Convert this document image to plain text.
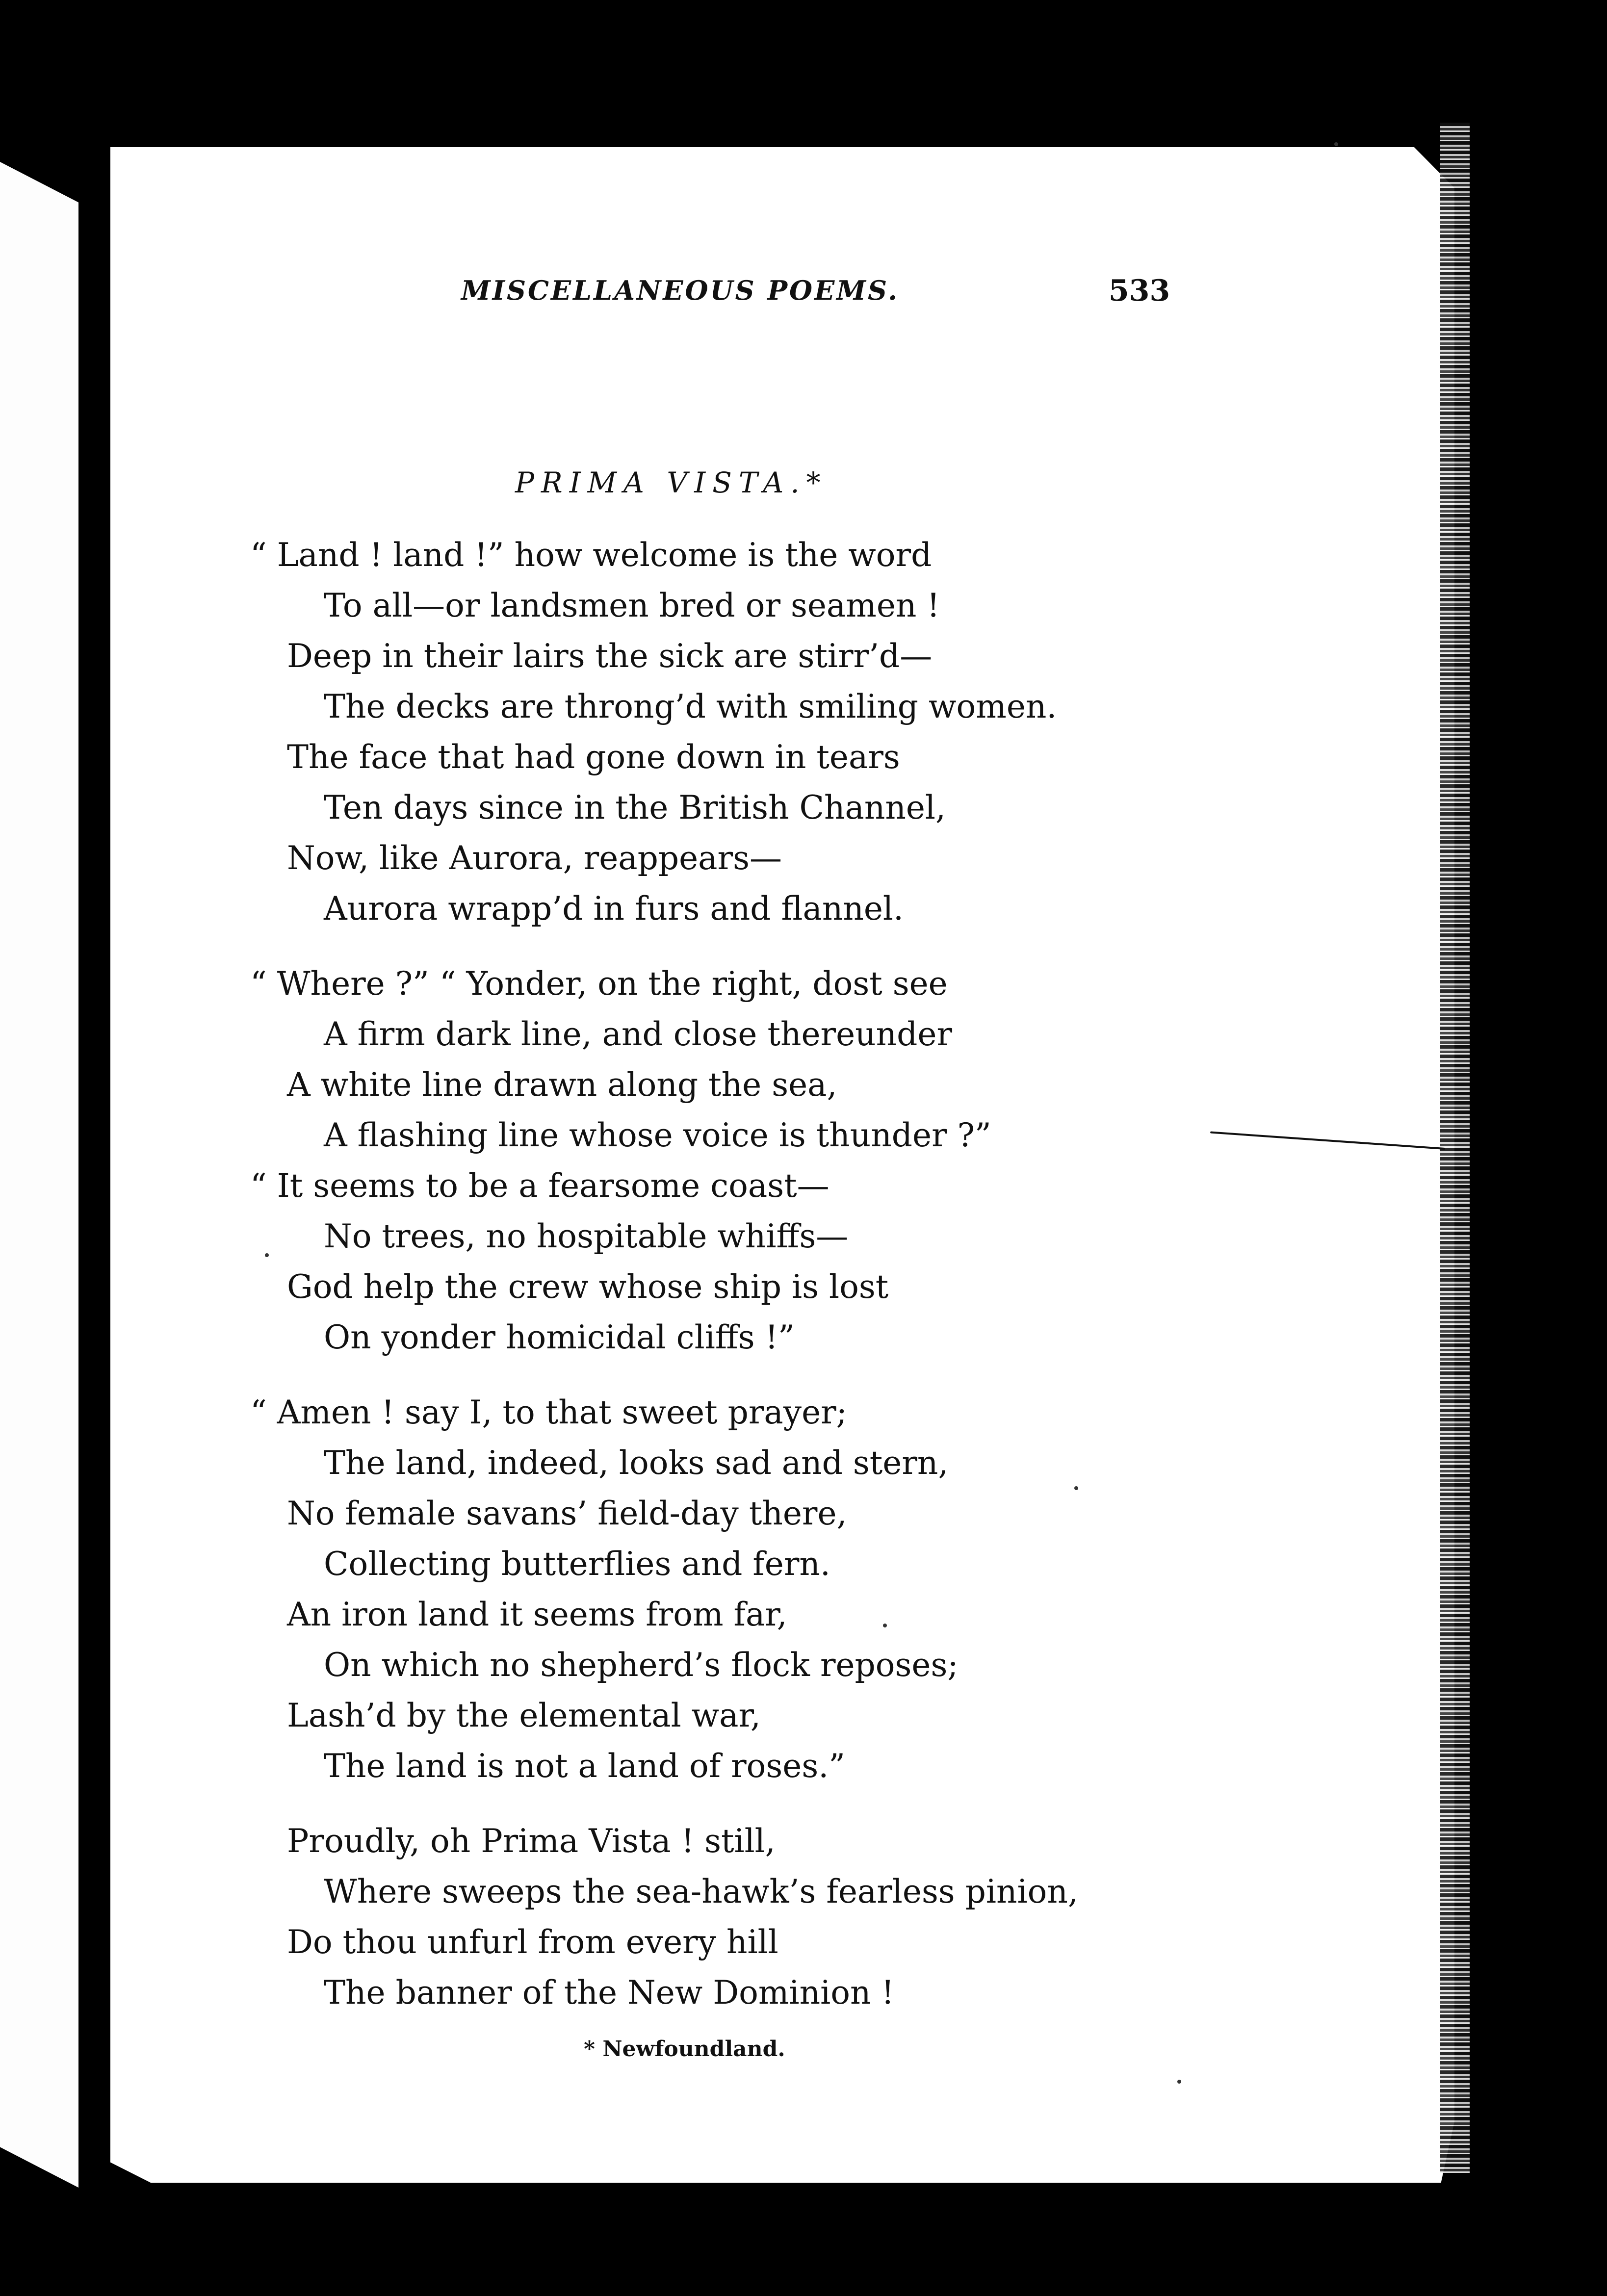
MISCELLANEOUS POEMS.	533
PRIMA VISTA.*
“ Land ! land !” how welcome is the word
To all—or landsmen bred or seamen !
Deep in their lairs the sick are stirr’d—
The decks are throng’d with smiling women.
The face that had gone down in tears
Ten days since in the British Channel,
Now, like Aurora, reappears—
Aurora wrapp’d in furs and flannel.
“ Where ?” “ Yonder, on the right, dost see
A firm dark line, and close thereunder
A white line drawn along the sea,
A flashing line whose voice is thunder ?”
“ It seems to be a fearsome coast—
No trees, no hospitable whiffs—
God help the crew whose ship is lost
On yonder homicidal cliffs !”
“ Amen ! say I, to that sweet prayer;
The land, indeed, looks sad and stern,
No female savans’ field-day there,
Collecting butterflies and fern.
An iron land it seems from far,
On which no shepherd’s flock reposes;
Lash’d by the elemental war,
The land is not a land of roses.”
Proudly, oh Prima Vista ! still,
Where sweeps the sea-hawk’s fearless pinion,
Do thou unfurl from every hill
The banner of the New Dominion !
* Newfoundland.
